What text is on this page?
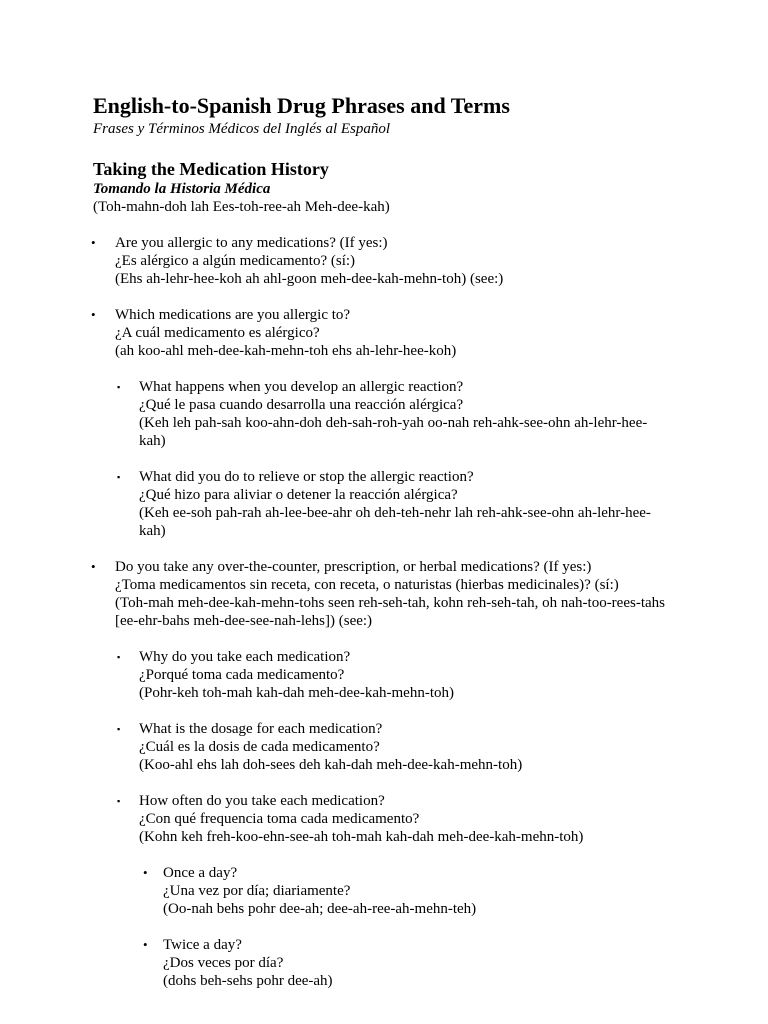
English-to-Spanish Drug Phrases and Terms
Frases y Términos Médicos del Inglés al Español
Taking the Medication History
Tomando la Historia Médica
(Toh-mahn-doh lah Ees-toh-ree-ah Meh-dee-kah)
• Are you allergic to any medications? (If yes:)
¿Es alérgico a algún medicamento? (sí:)
(Ehs ah-lehr-hee-koh ah ahl-goon meh-dee-kah-mehn-toh) (see:)
• Which medications are you allergic to?
¿A cuál medicamento es alérgico?
(ah koo-ahl meh-dee-kah-mehn-toh ehs ah-lehr-hee-koh)
▪ What happens when you develop an allergic reaction?
¿Qué le pasa cuando desarrolla una reacción alérgica?
(Keh leh pah-sah koo-ahn-doh deh-sah-roh-yah oo-nah reh-ahk-see-ohn ah-lehr-hee-kah)
▪ What did you do to relieve or stop the allergic reaction?
¿Qué hizo para aliviar o detener la reacción alérgica?
(Keh ee-soh pah-rah ah-lee-bee-ahr oh deh-teh-nehr lah reh-ahk-see-ohn ah-lehr-hee-kah)
• Do you take any over-the-counter, prescription, or herbal medications? (If yes:)
¿Toma medicamentos sin receta, con receta, o naturistas (hierbas medicinales)? (sí:)
(Toh-mah meh-dee-kah-mehn-tohs seen reh-seh-tah, kohn reh-seh-tah, oh nah-too-rees-tahs [ee-ehr-bahs meh-dee-see-nah-lehs]) (see:)
▪ Why do you take each medication?
¿Porqué toma cada medicamento?
(Pohr-keh toh-mah kah-dah meh-dee-kah-mehn-toh)
▪ What is the dosage for each medication?
¿Cuál es la dosis de cada medicamento?
(Koo-ahl ehs lah doh-sees deh kah-dah meh-dee-kah-mehn-toh)
▪ How often do you take each medication?
¿Con qué frequencia toma cada medicamento?
(Kohn keh freh-koo-ehn-see-ah toh-mah kah-dah meh-dee-kah-mehn-toh)
• Once a day?
¿Una vez por día; diariamente?
(Oo-nah behs pohr dee-ah; dee-ah-ree-ah-mehn-teh)
• Twice a day?
¿Dos veces por día?
(dohs beh-sehs pohr dee-ah)
